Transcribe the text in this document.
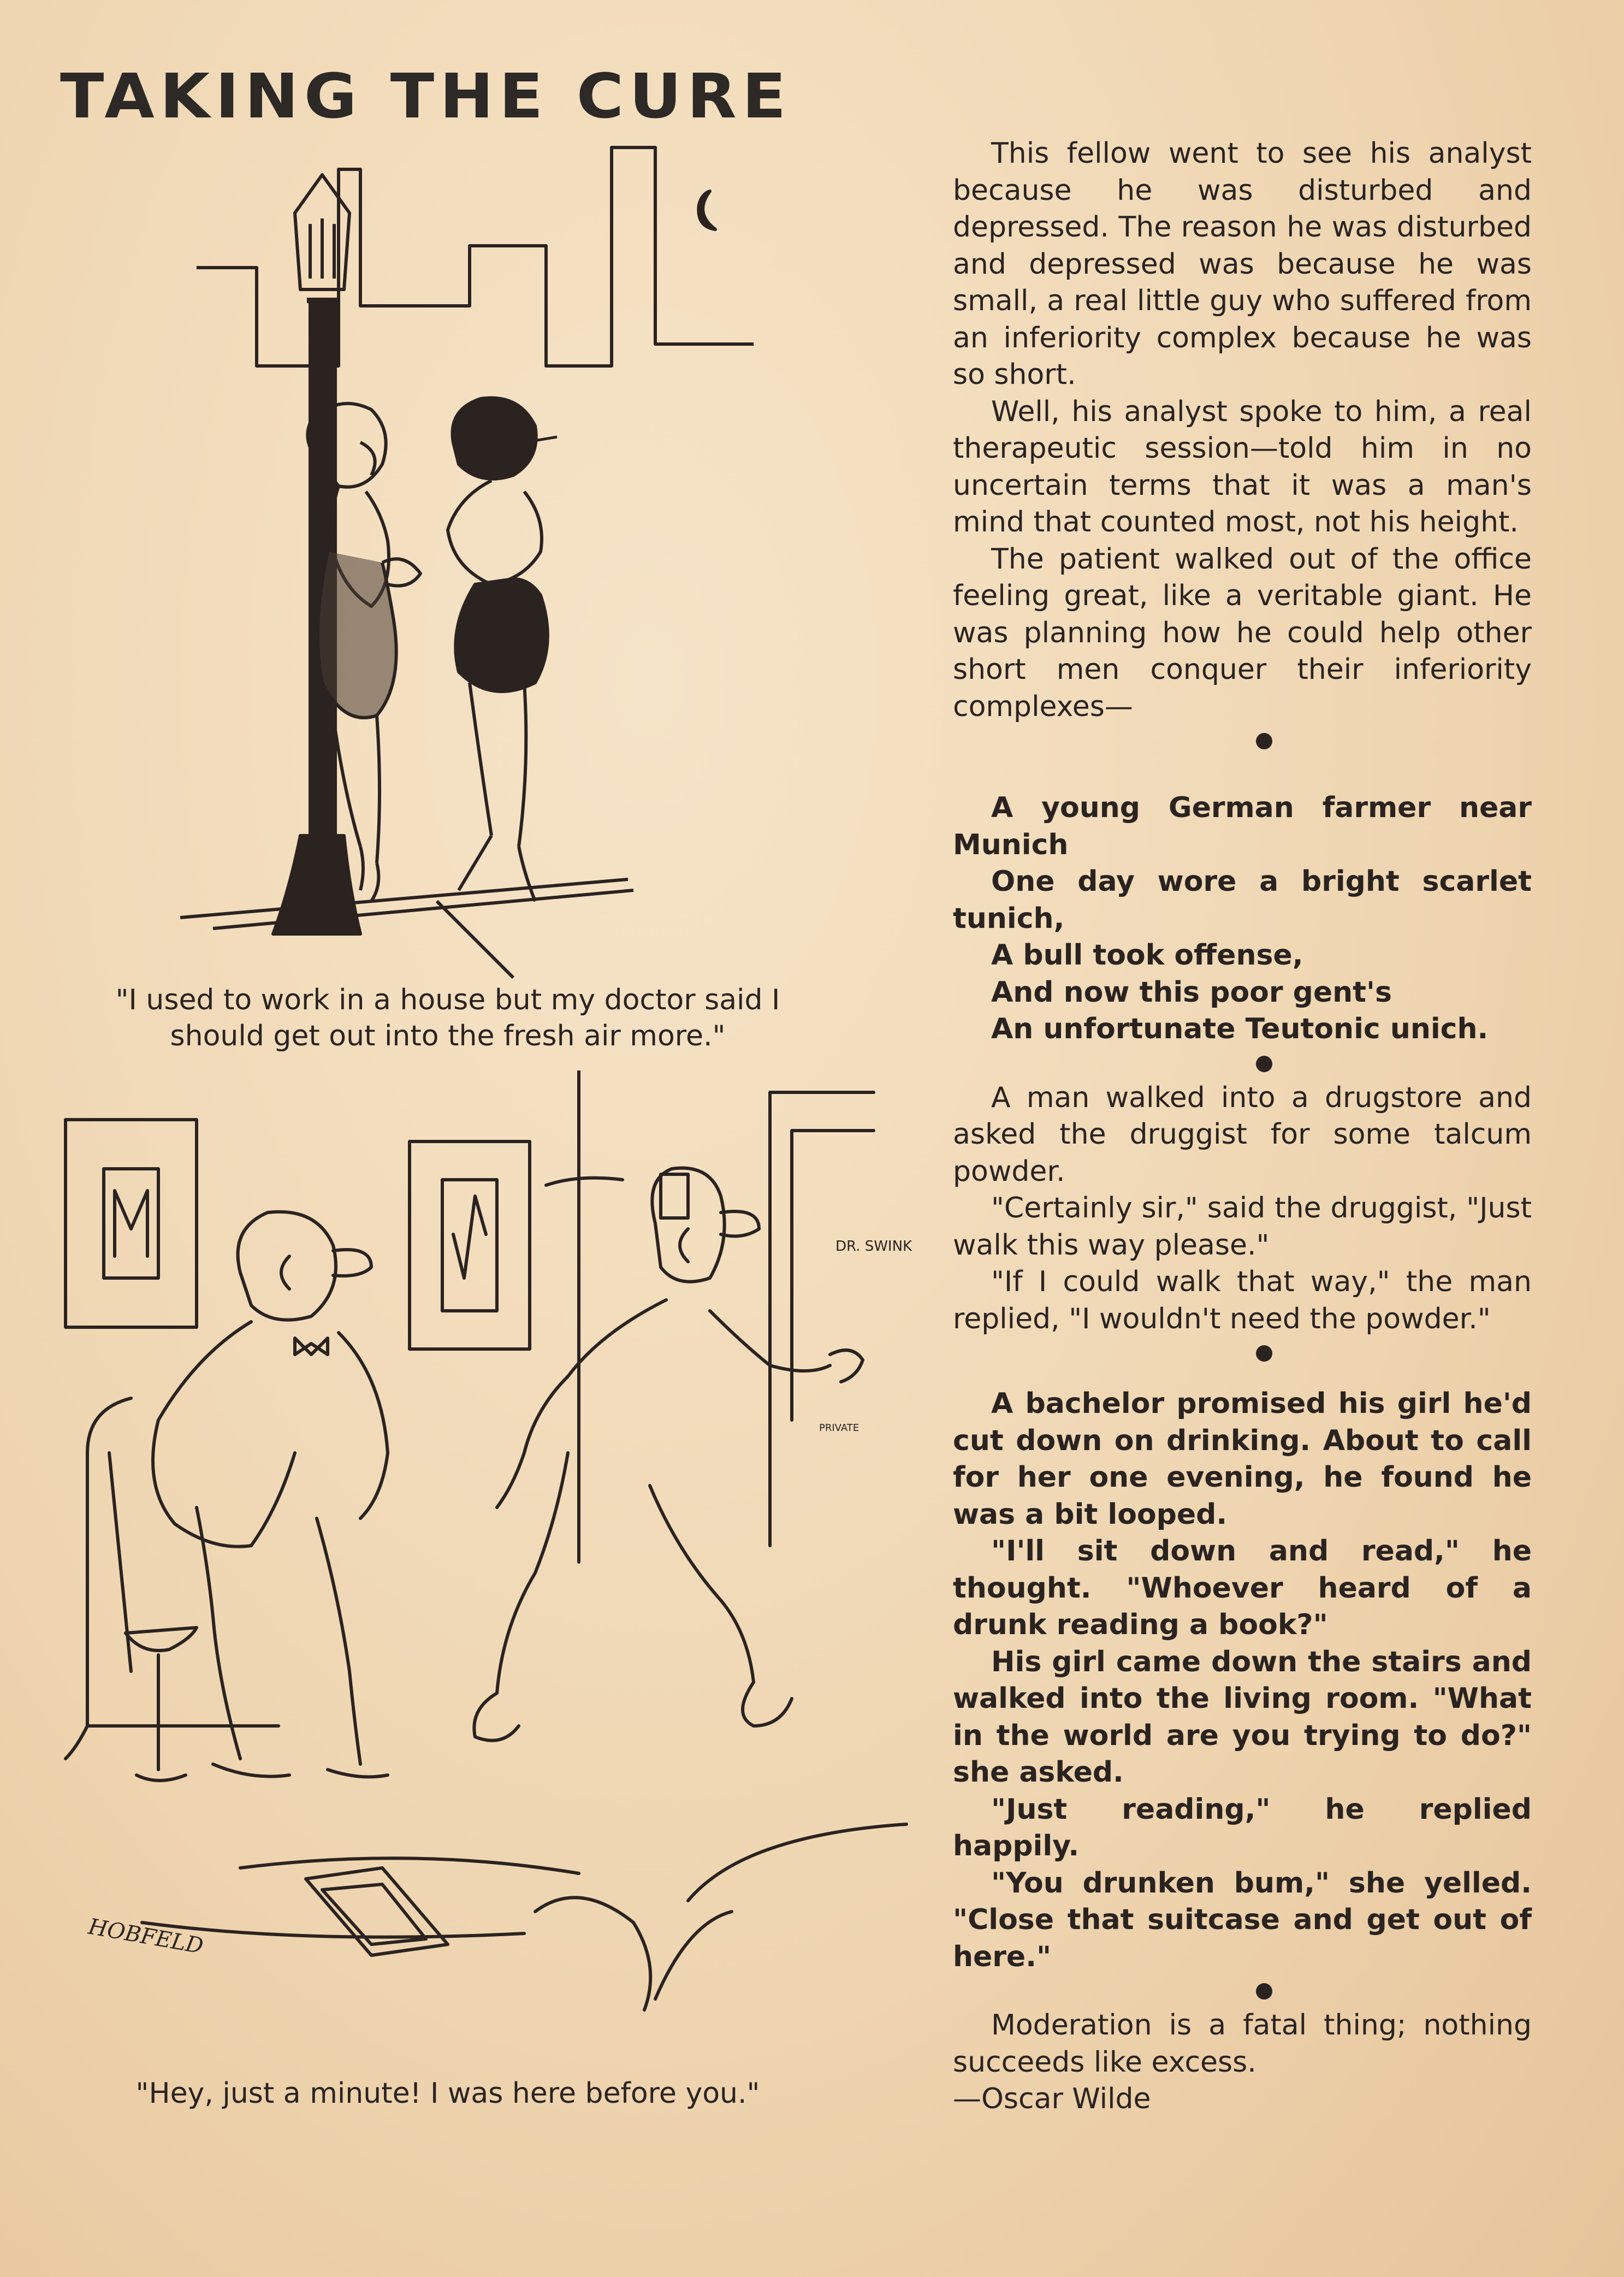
TAKING THE CURE
"I used to work in a house but my doctor said I
should get out into the fresh air more."
DR. SWINK
PRIVATE
HOBFELD
"Hey, just a minute! I was here before you."

This fellow went to see his analyst because he was disturbed and depressed. The reason he was disturbed and depressed was because he was small, a real little guy who suffered from an inferiority complex because he was so short.

Well, his analyst spoke to him, a real therapeutic session—told him in no uncertain terms that it was a man's mind that counted most, not his height.

The patient walked out of the office feeling great, like a veritable giant. He was planning how he could help other short men conquer their inferiority complexes—

A young German farmer near Munich

One day wore a bright scarlet tunich,

A bull took offense,

And now this poor gent's

An unfortunate Teutonic unich.

A man walked into a drugstore and asked the druggist for some talcum powder.

"Certainly sir," said the druggist, "Just walk this way please."

"If I could walk that way," the man replied, "I wouldn't need the powder."

A bachelor promised his girl he'd cut down on drinking. About to call for her one evening, he found he was a bit looped.

"I'll sit down and read," he thought. "Whoever heard of a drunk reading a book?"

His girl came down the stairs and walked into the living room. "What in the world are you trying to do?" she asked.

"Just reading," he replied happily.

"You drunken bum," she yelled. "Close that suitcase and get out of here."

Moderation is a fatal thing; nothing succeeds like excess.

—Oscar Wilde
